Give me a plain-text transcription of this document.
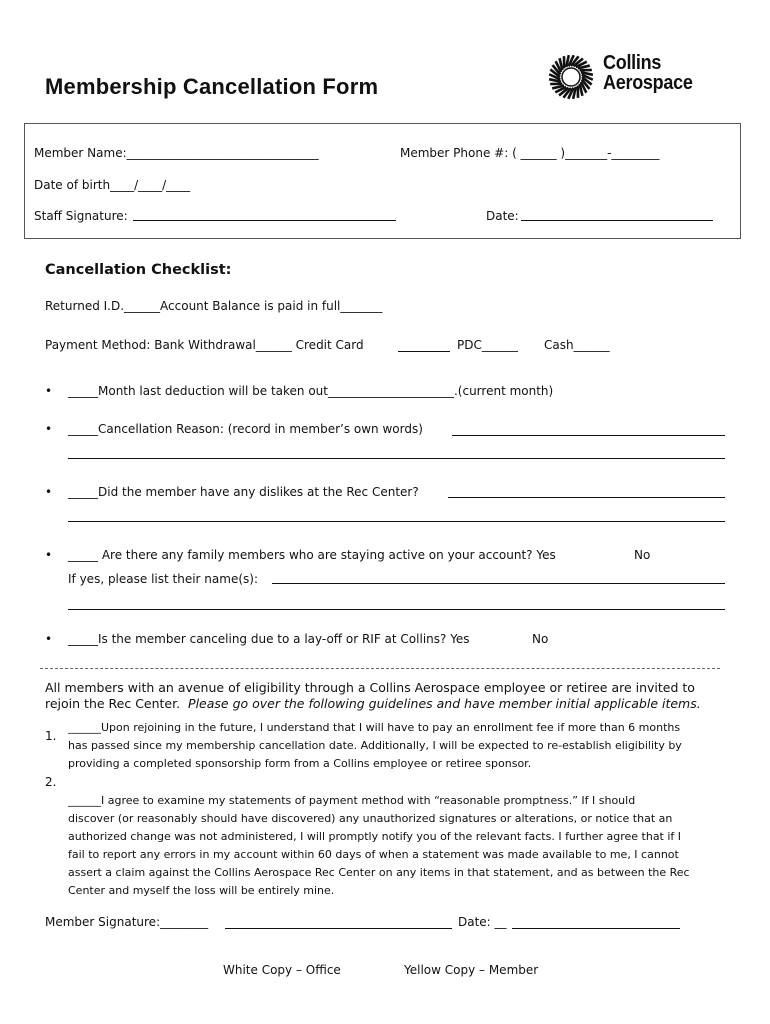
Membership Cancellation Form
Collins
Aerospace
Member Name:________________________________	Member Phone #: ( ______ )_______-________
Date of birth____/____/____
Staff Signature:	Date:
Cancellation Checklist:
Returned I.D.______Account Balance is paid in full_______
Payment Method: Bank Withdrawal______ Credit Card	PDC______ Cash______
• _____Month last deduction will be taken out_____________________.(current month)
• _____Cancellation Reason: (record in member’s own words)
• _____Did the member have any dislikes at the Rec Center?
• _____ Are there any family members who are staying active on your account? Yes	No
If yes, please list their name(s):
• _____Is the member canceling due to a lay-off or RIF at Collins? Yes	No
All members with an avenue of eligibility through a Collins Aerospace employee or retiree are invited to
rejoin the Rec Center. Please go over the following guidelines and have member initial applicable items.
1.
______Upon rejoining in the future, I understand that I will have to pay an enrollment fee if more than 6 months
has passed since my membership cancellation date. Additionally, I will be expected to re-establish eligibility by
providing a completed sponsorship form from a Collins employee or retiree sponsor.
2.
______I agree to examine my statements of payment method with “reasonable promptness.” If I should
discover (or reasonably should have discovered) any unauthorized signatures or alterations, or notice that an
authorized change was not administered, I will promptly notify you of the relevant facts. I further agree that if I
fail to report any errors in my account within 60 days of when a statement was made available to me, I cannot
assert a claim against the Collins Aerospace Rec Center on any items in that statement, and as between the Rec
Center and myself the loss will be entirely mine.
Member Signature:________	Date: __
White Copy – Office	Yellow Copy – Member
